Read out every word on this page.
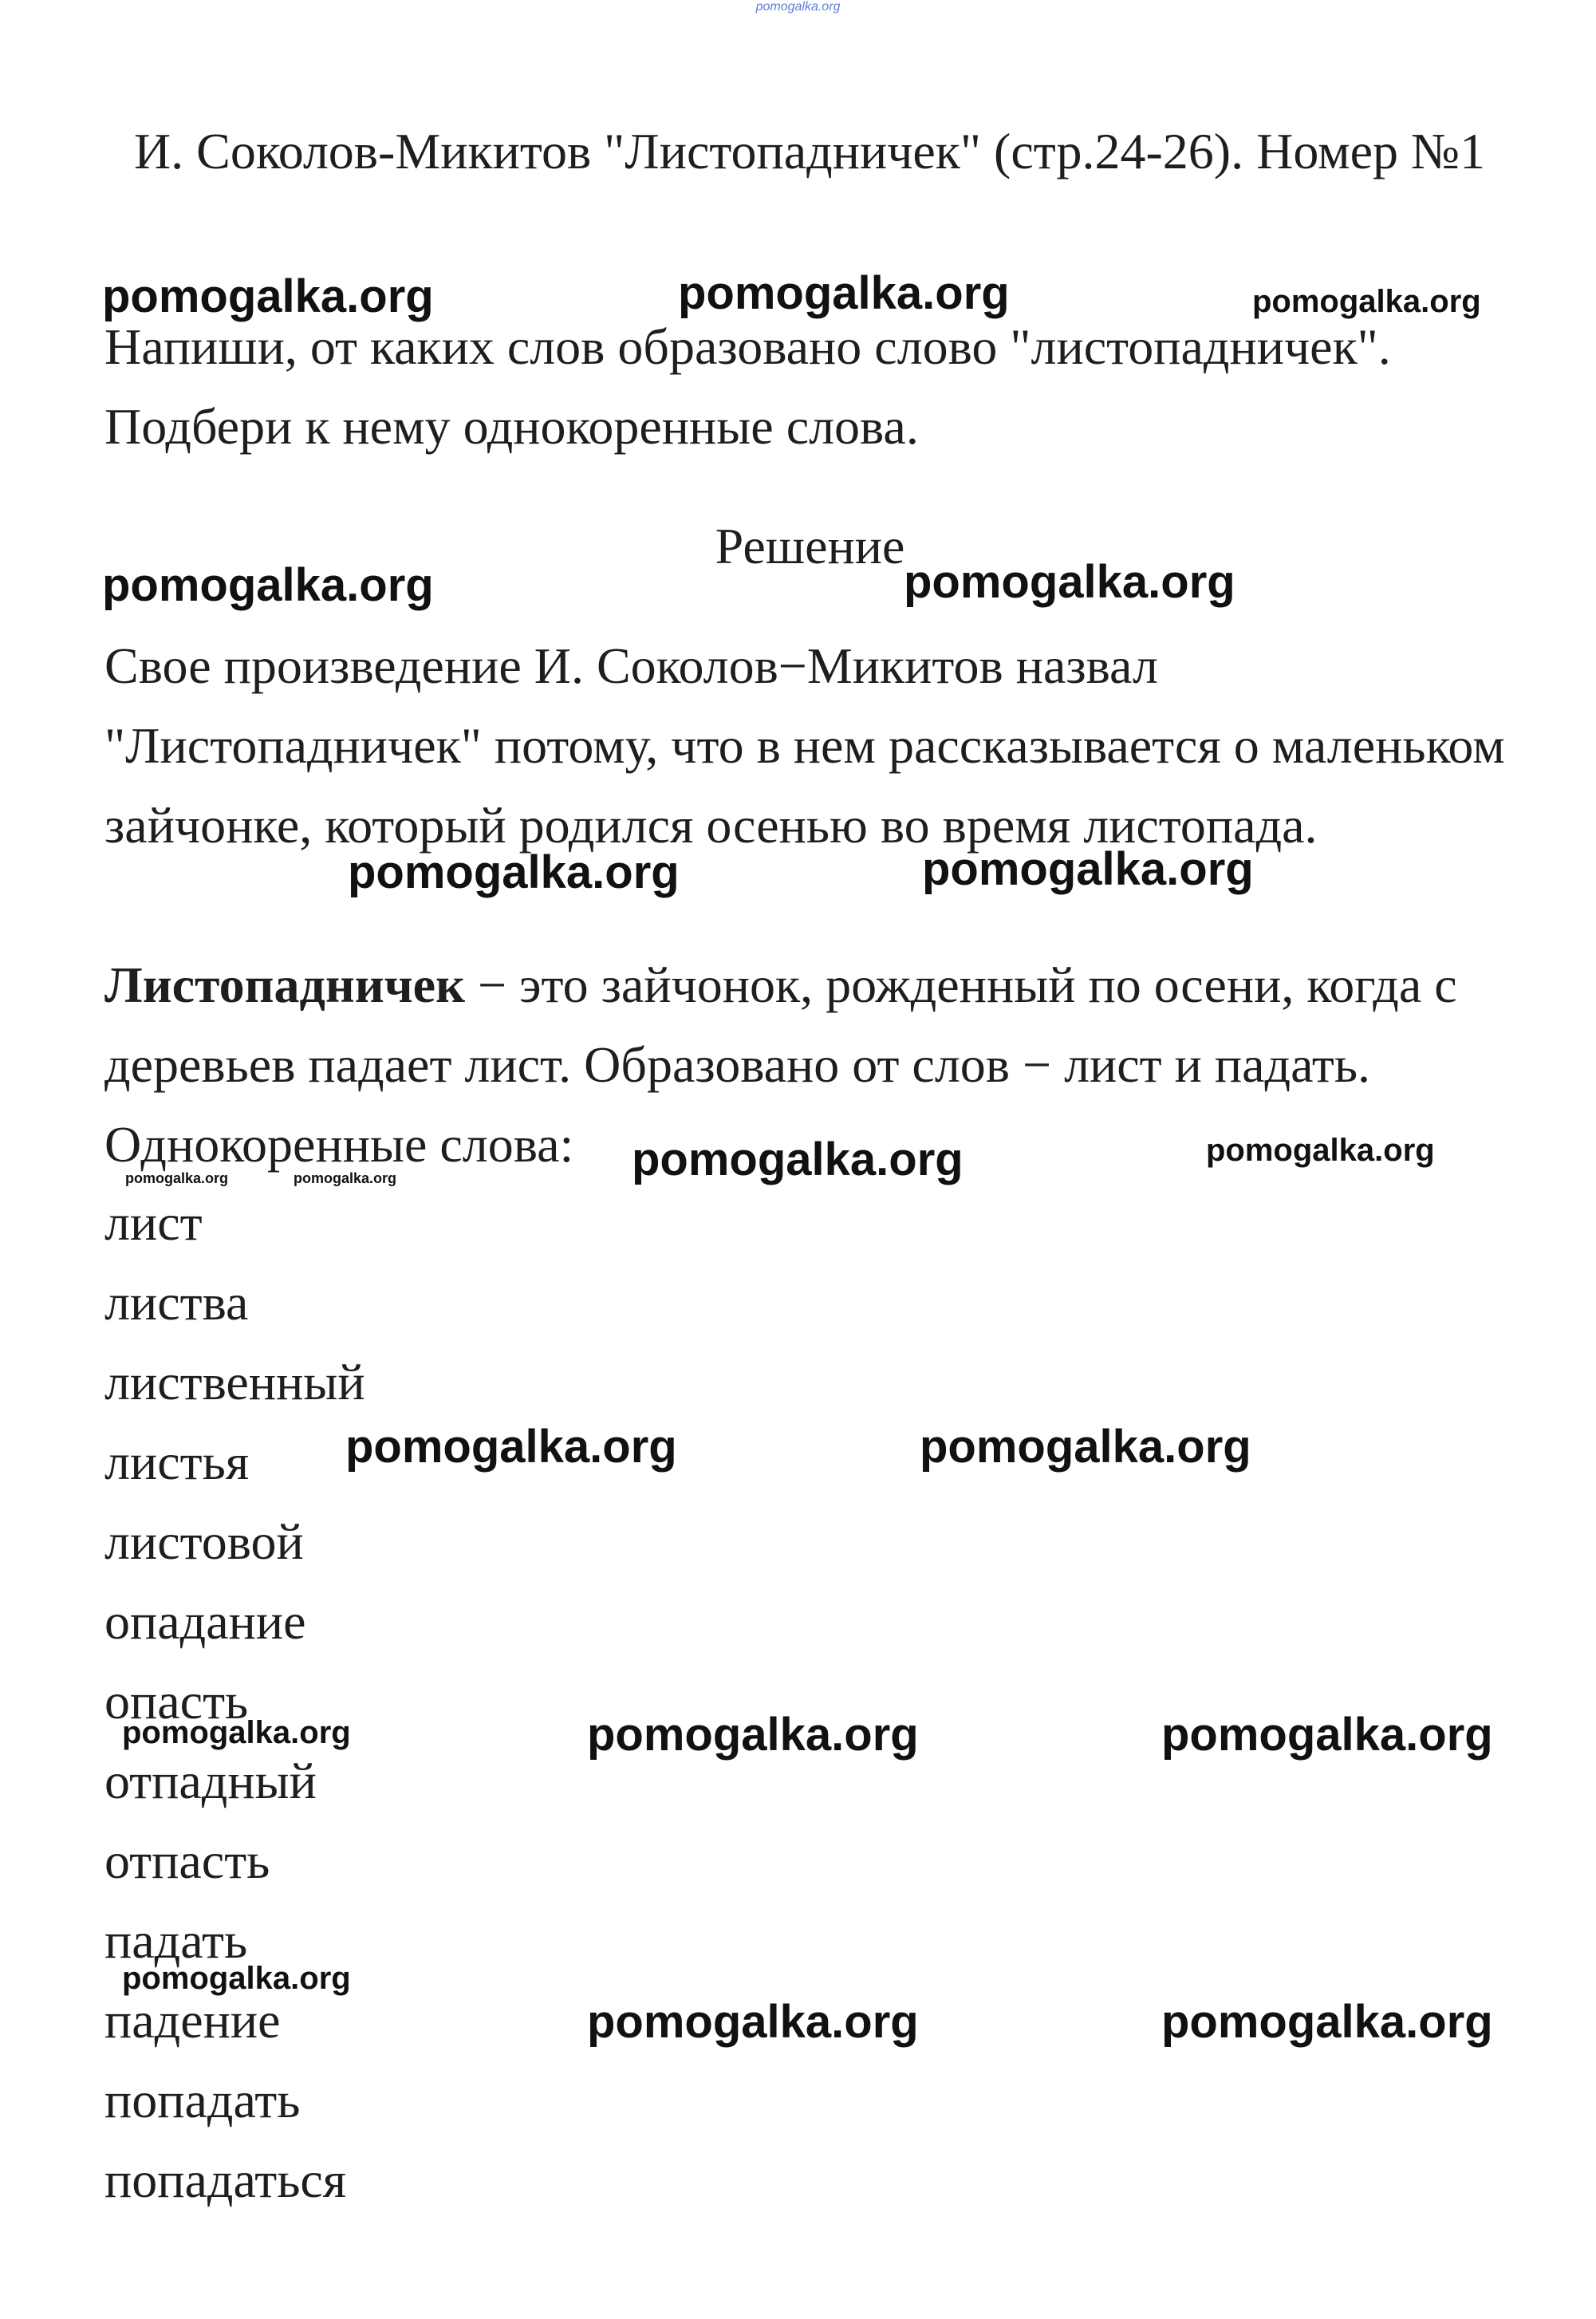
pomogalka.org
И. Соколов-Микитов "Листопадничек" (стр.24-26). Номер №1
Напиши, от каких слов образовано слово "листопадничек".
Подбери к нему однокоренные слова.
Решение
Свое произведение И. Соколов−Микитов назвал "Листопадничек" потому, что в нем рассказывается о маленьком зайчонке, который родился осенью во время листопада.
Листопадничек − это зайчонок, рожденный по осени, когда с деревьев падает лист. Образовано от слов − лист и падать.
Однокоренные слова:
лист
листва
лиственный
листья
листовой
опадание
опасть
отпадный
отпасть
падать
падение
попадать
попадаться
pomogalka.org	pomogalka.org	pomogalka.org
pomogalka.org	pomogalka.org
pomogalka.org	pomogalka.org
pomogalka.org	pomogalka.org
pomogalka.org	pomogalka.org
pomogalka.org	pomogalka.org
pomogalka.org	pomogalka.org	pomogalka.org
pomogalka.org
pomogalka.org	pomogalka.org
